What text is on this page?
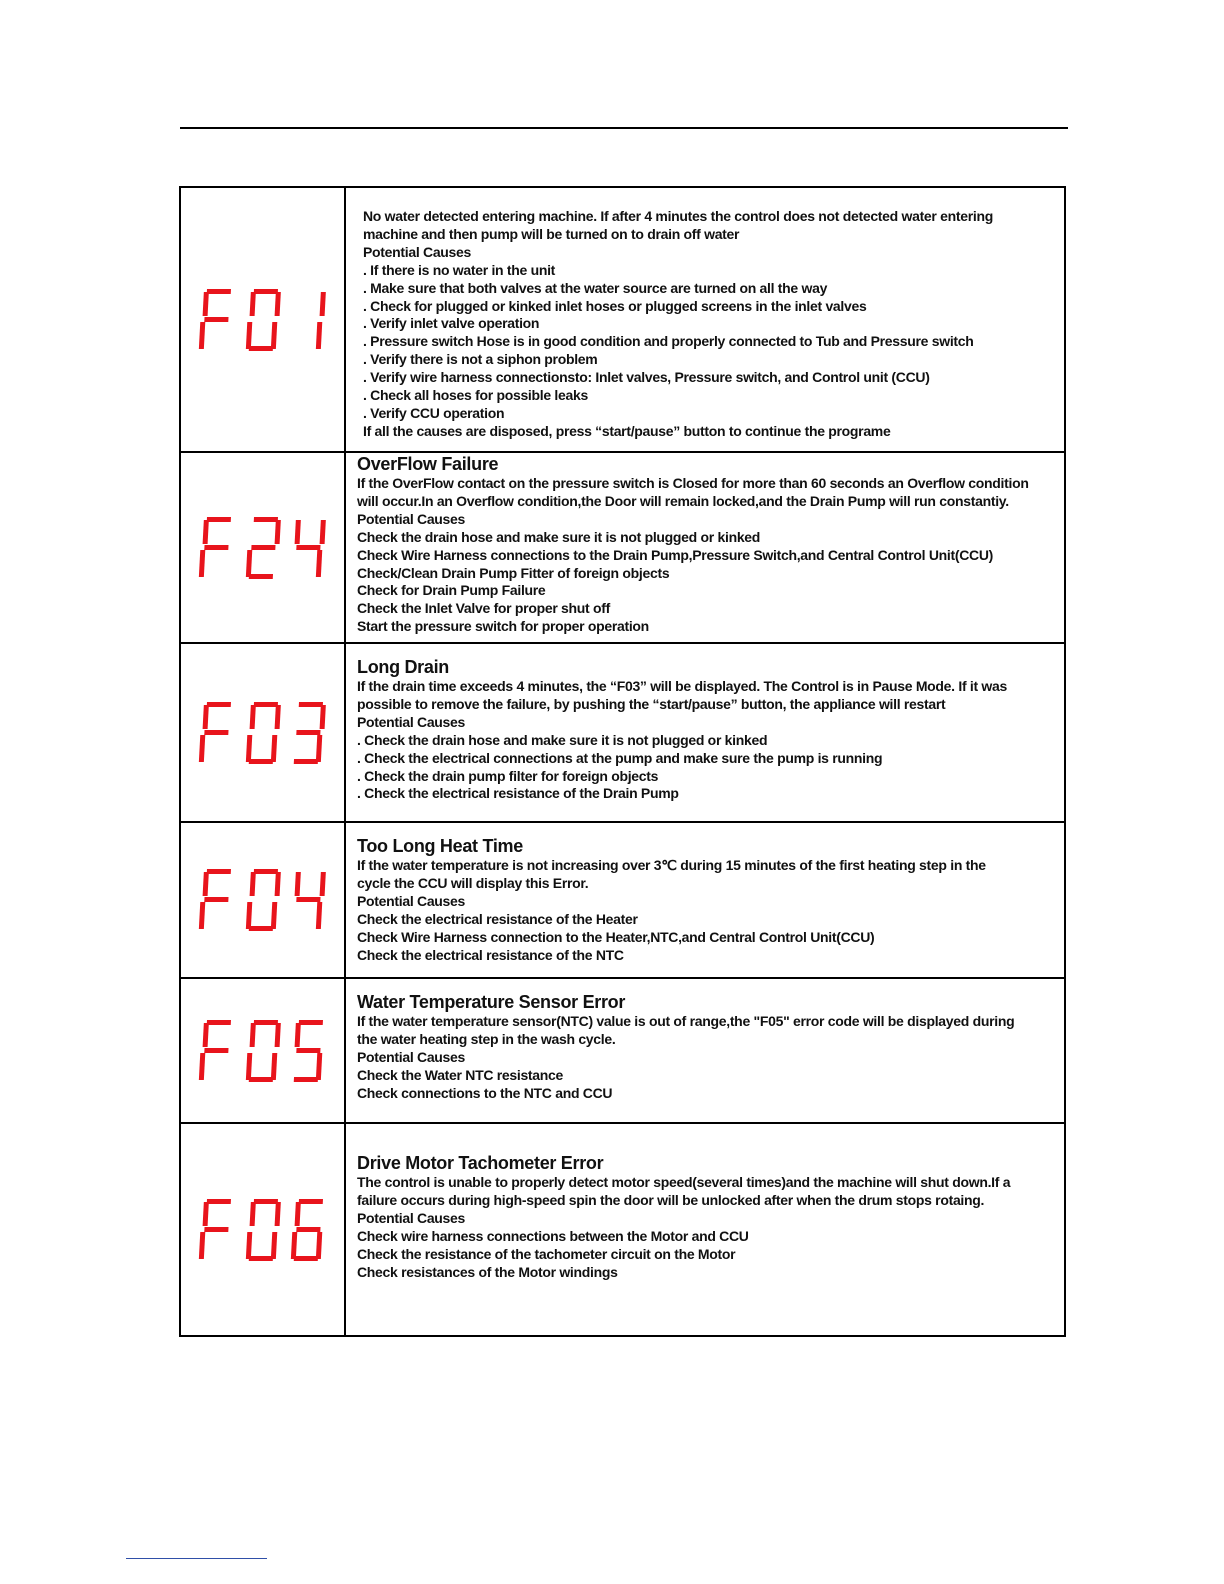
No water detected entering machine. If after 4 minutes the control does not detected water entering
machine and then pump will be turned on to drain off water
Potential Causes
. If there is no water in the unit
. Make sure that both valves at the water source are turned on all the way
. Check for plugged or kinked inlet hoses or plugged screens in the inlet valves
. Verify inlet valve operation
. Pressure switch Hose is in good condition and properly connected to Tub and Pressure switch
. Verify there is not a siphon problem
. Verify wire harness connectionsto: Inlet valves, Pressure switch, and Control unit (CCU)
. Check all hoses for possible leaks
. Verify CCU operation
If all the causes are disposed, press “start/pause” button to continue the programe
OverFlow Failure
If the OverFlow contact on the pressure switch is Closed for more than 60 seconds an Overflow condition
will occur.In an Overflow condition,the Door will remain locked,and the Drain Pump will run constantiy.
Potential Causes
Check the drain hose and make sure it is not plugged or kinked
Check Wire Harness connections to the Drain Pump,Pressure Switch,and Central Control Unit(CCU)
Check/Clean Drain Pump Fitter of foreign objects
Check for Drain Pump Failure
Check the Inlet Valve for proper shut off
Start the pressure switch for proper operation
Long Drain
If the drain time exceeds 4 minutes, the “F03” will be displayed. The Control is in Pause Mode. If it was
possible to remove the failure, by pushing the “start/pause” button, the appliance will restart
Potential Causes
. Check the drain hose and make sure it is not plugged or kinked
. Check the electrical connections at the pump and make sure the pump is running
. Check the drain pump filter for foreign objects
. Check the electrical resistance of the Drain Pump
Too Long Heat Time
If the water temperature is not increasing over 3℃ during 15 minutes of the first heating step in the
cycle the CCU will display this Error.
Potential Causes
Check the electrical resistance of the Heater
Check Wire Harness connection to the Heater,NTC,and Central Control Unit(CCU)
Check the electrical resistance of the NTC
Water Temperature Sensor Error
If the water temperature sensor(NTC) value is out of range,the "F05" error code will be displayed during
the water heating step in the wash cycle.
Potential Causes
Check the Water NTC resistance
Check connections to the NTC and CCU
Drive Motor Tachometer Error
The control is unable to properly detect motor speed(several times)and the machine will shut down.If a
failure occurs during high-speed spin the door will be unlocked after when the drum stops rotaing.
Potential Causes
Check wire harness connections between the Motor and CCU
Check the resistance of the tachometer circuit on the Motor
Check resistances of the Motor windings
